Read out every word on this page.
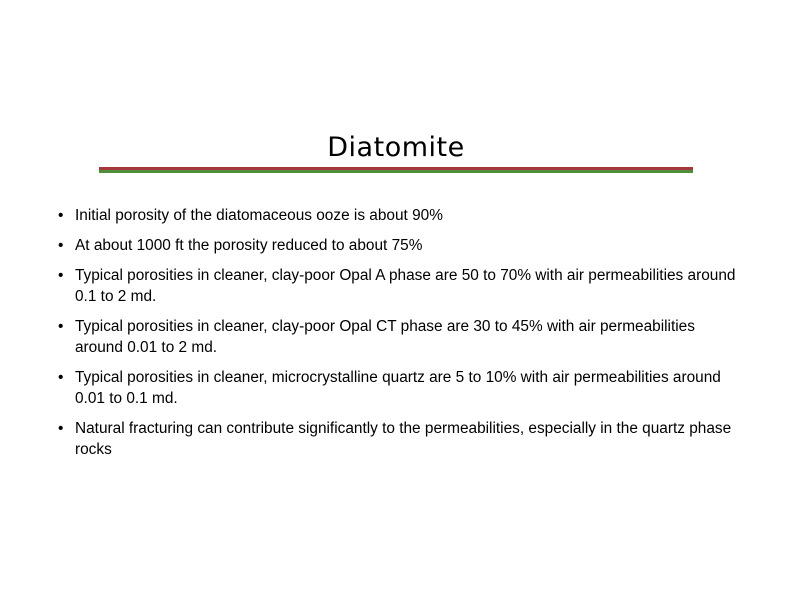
Diatomite
• Initial porosity of the diatomaceous ooze is about 90%
• At about 1000 ft the porosity reduced to about 75%
• Typical porosities in cleaner, clay-poor Opal A phase are 50 to 70% with air permeabilities around 0.1 to 2 md.
• Typical porosities in cleaner, clay-poor Opal CT phase are 30 to 45% with air permeabilities around 0.01 to 2 md.
• Typical porosities in cleaner, microcrystalline quartz are 5 to 10% with air permeabilities around 0.01 to 0.1 md.
• Natural fracturing can contribute significantly to the permeabilities, especially in the quartz phase rocks
